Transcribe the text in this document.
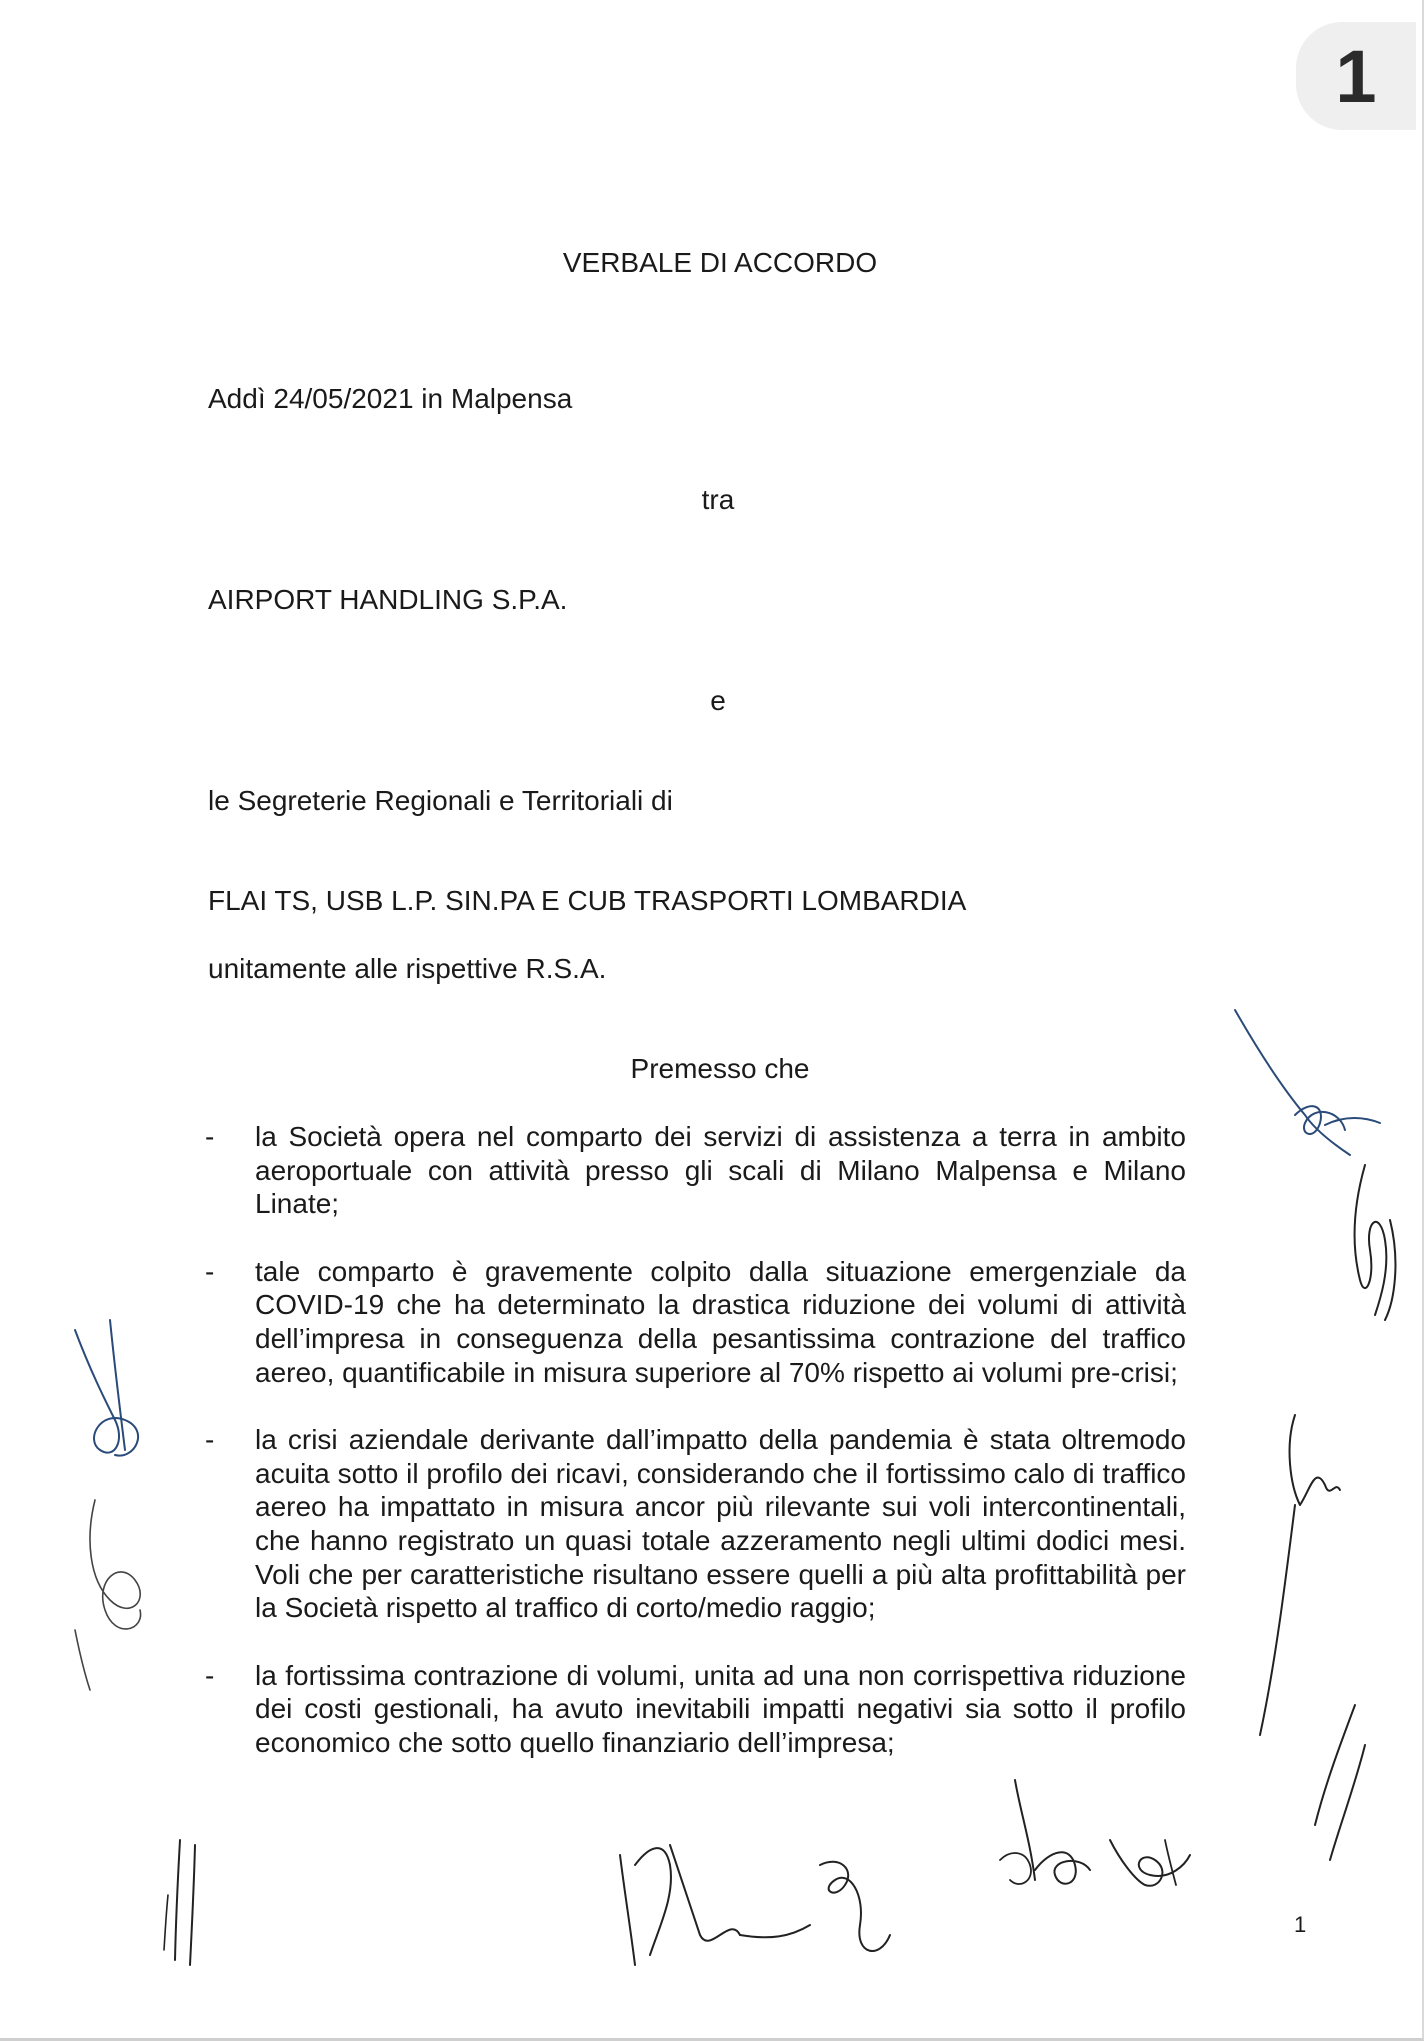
1
VERBALE DI ACCORDO
Addì 24/05/2021 in Malpensa
tra
AIRPORT HANDLING S.P.A.
e
le Segreterie Regionali e Territoriali di
FLAI TS, USB L.P. SIN.PA E CUB TRASPORTI LOMBARDIA
unitamente alle rispettive R.S.A.
Premesso che
- la Società opera nel comparto dei servizi di assistenza a terra in ambito aeroportuale con attività presso gli scali di Milano Malpensa e Milano Linate;
- tale comparto è gravemente colpito dalla situazione emergenziale da COVID-19 che ha determinato la drastica riduzione dei volumi di attività dell’impresa in conseguenza della pesantissima contrazione del traffico aereo, quantificabile in misura superiore al 70% rispetto ai volumi pre-crisi;
- la crisi aziendale derivante dall’impatto della pandemia è stata oltremodo acuita sotto il profilo dei ricavi, considerando che il fortissimo calo di traffico aereo ha impattato in misura ancor più rilevante sui voli intercontinentali, che hanno registrato un quasi totale azzeramento negli ultimi dodici mesi. Voli che per caratteristiche risultano essere quelli a più alta profittabilità per la Società rispetto al traffico di corto/medio raggio;
- la fortissima contrazione di volumi, unita ad una non corrispettiva riduzione dei costi gestionali, ha avuto inevitabili impatti negativi sia sotto il profilo economico che sotto quello finanziario dell’impresa;
1
